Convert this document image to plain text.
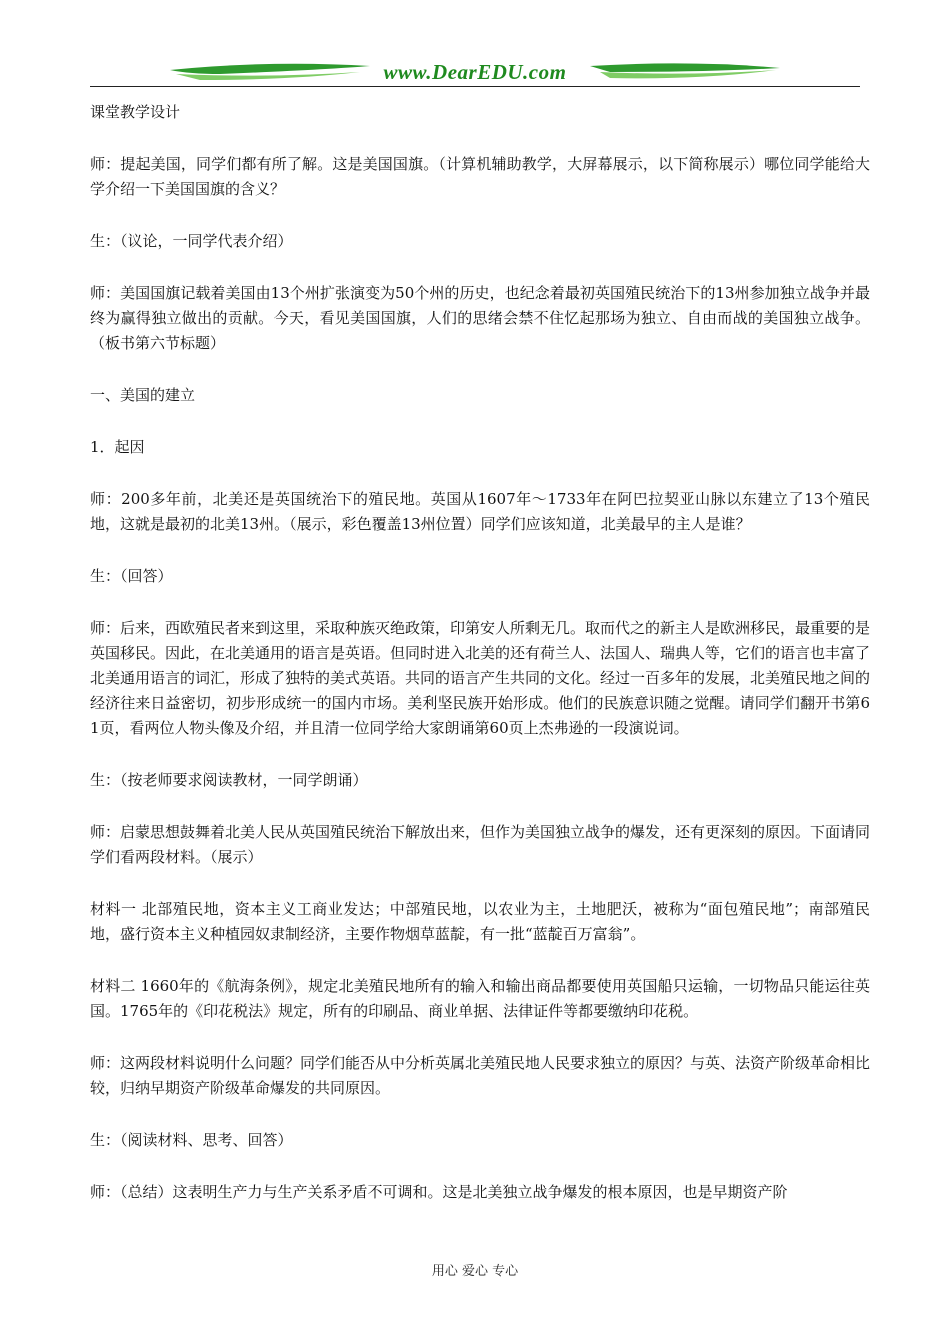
www.DearEDU.com

课堂教学设计

师：提起美国，同学们都有所了解。这是美国国旗。（计算机辅助教学，大屏幕展示，以下简称展示）哪位同学能给大学介绍一下美国国旗的含义？

生：（议论，一同学代表介绍）

师：美国国旗记载着美国由13个州扩张演变为50个州的历史，也纪念着最初英国殖民统治下的13州参加独立战争并最终为赢得独立做出的贡献。今天，看见美国国旗，人们的思绪会禁不住忆起那场为独立、自由而战的美国独立战争。（板书第六节标题）

一、美国的建立

1．起因

师：200多年前，北美还是英国统治下的殖民地。英国从1607年～1733年在阿巴拉契亚山脉以东建立了13个殖民地，这就是最初的北美13州。（展示，彩色覆盖13州位置）同学们应该知道，北美最早的主人是谁？

生：（回答）

师：后来，西欧殖民者来到这里，采取种族灭绝政策，印第安人所剩无几。取而代之的新主人是欧洲移民，最重要的是英国移民。因此，在北美通用的语言是英语。但同时进入北美的还有荷兰人、法国人、瑞典人等，它们的语言也丰富了北美通用语言的词汇，形成了独特的美式英语。共同的语言产生共同的文化。经过一百多年的发展，北美殖民地之间的经济往来日益密切，初步形成统一的国内市场。美利坚民族开始形成。他们的民族意识随之觉醒。请同学们翻开书第61页，看两位人物头像及介绍，并且清一位同学给大家朗诵第60页上杰弗逊的一段演说词。

生：（按老师要求阅读教材，一同学朗诵）

师：启蒙思想鼓舞着北美人民从英国殖民统治下解放出来，但作为美国独立战争的爆发，还有更深刻的原因。下面请同学们看两段材料。（展示）

材料一 北部殖民地，资本主义工商业发达；中部殖民地，以农业为主，土地肥沃，被称为“面包殖民地”；南部殖民地，盛行资本主义种植园奴隶制经济，主要作物烟草蓝靛，有一批“蓝靛百万富翁”。

材料二 1660年的《航海条例》，规定北美殖民地所有的输入和输出商品都要使用英国船只运输，一切物品只能运往英国。1765年的《印花税法》规定，所有的印刷品、商业单据、法律证件等都要缴纳印花税。

师：这两段材料说明什么问题？同学们能否从中分析英属北美殖民地人民要求独立的原因？与英、法资产阶级革命相比较，归纳早期资产阶级革命爆发的共同原因。

生：（阅读材料、思考、回答）

师：（总结）这表明生产力与生产关系矛盾不可调和。这是北美独立战争爆发的根本原因，也是早期资产阶

用心 爱心 专心
